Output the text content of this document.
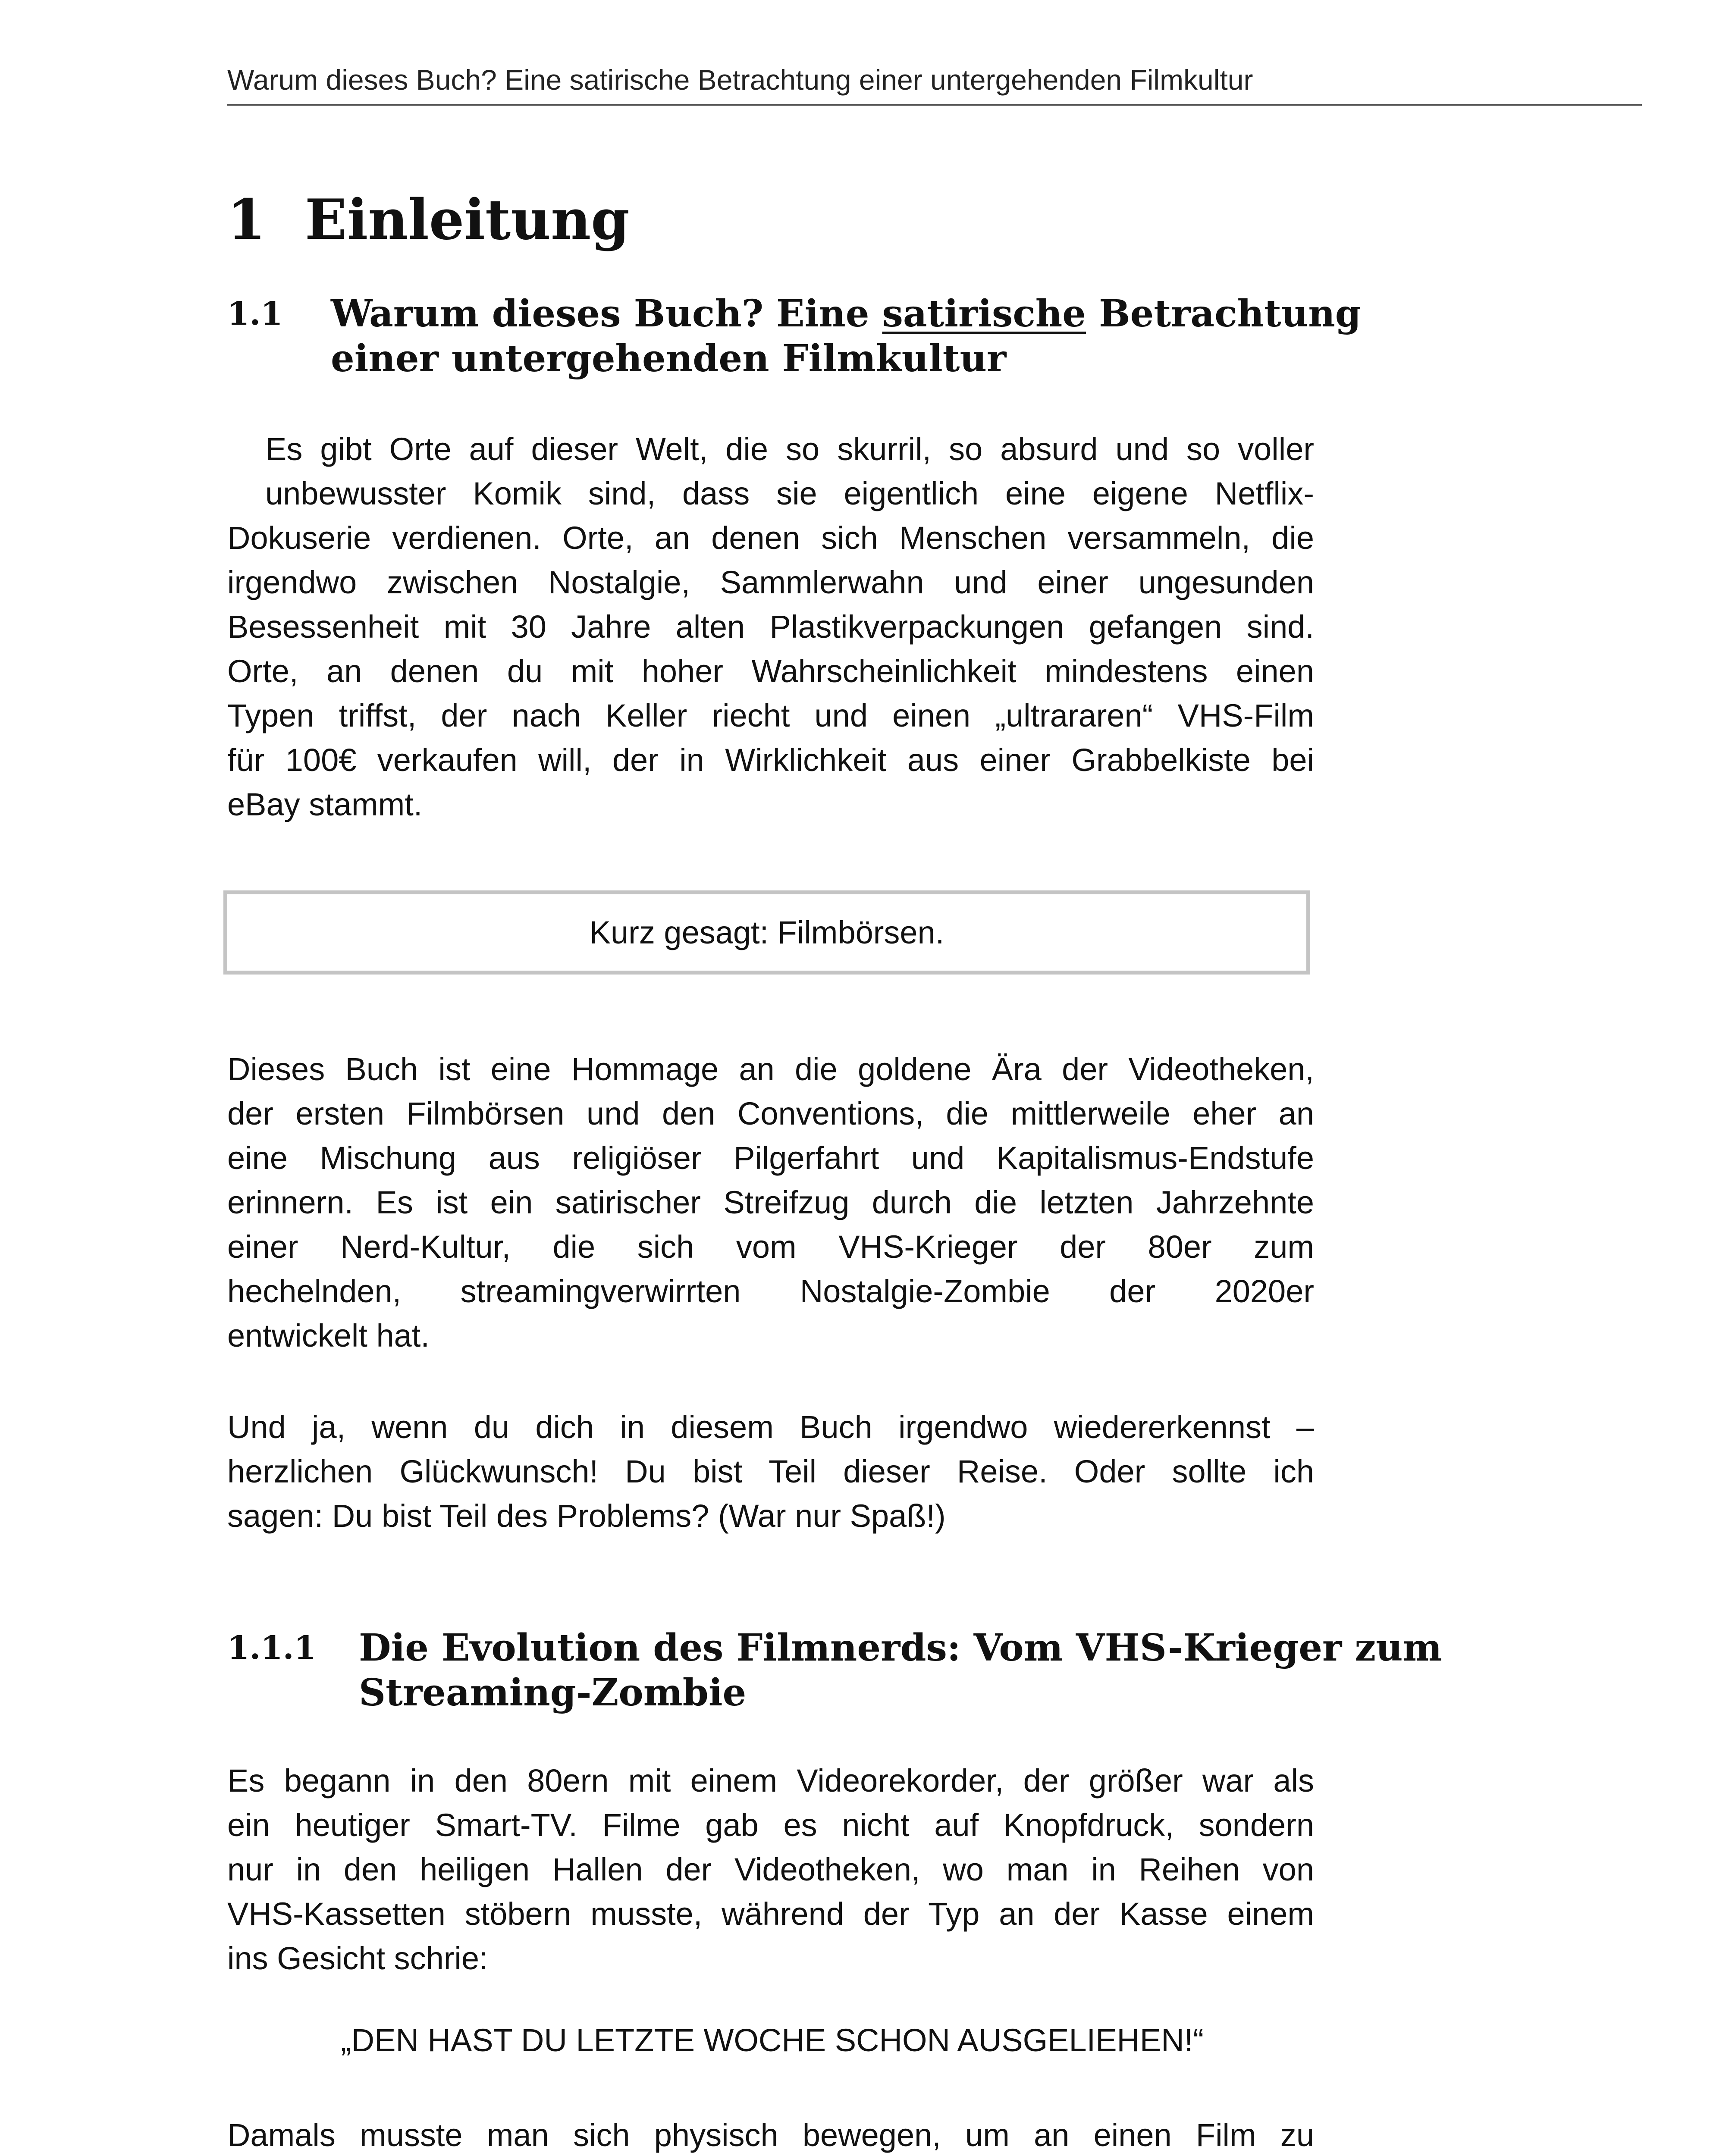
Warum dieses Buch? Eine satirische Betrachtung einer untergehenden Filmkultur
1 Einleitung
1.1 Warum dieses Buch? Eine satirische Betrachtung
einer untergehenden Filmkultur
Es gibt Orte auf dieser Welt, die so skurril, so absurd und so voller
unbewusster Komik sind, dass sie eigentlich eine eigene Netflix-
Dokuserie verdienen. Orte, an denen sich Menschen versammeln, die
irgendwo zwischen Nostalgie, Sammlerwahn und einer ungesunden
Besessenheit mit 30 Jahre alten Plastikverpackungen gefangen sind.
Orte, an denen du mit hoher Wahrscheinlichkeit mindestens einen
Typen triffst, der nach Keller riecht und einen „ultrararen“ VHS-Film
für 100€ verkaufen will, der in Wirklichkeit aus einer Grabbelkiste bei
eBay stammt.
Kurz gesagt: Filmbörsen.
Dieses Buch ist eine Hommage an die goldene Ära der Videotheken,
der ersten Filmbörsen und den Conventions, die mittlerweile eher an
eine Mischung aus religiöser Pilgerfahrt und Kapitalismus-Endstufe
erinnern. Es ist ein satirischer Streifzug durch die letzten Jahrzehnte
einer Nerd-Kultur, die sich vom VHS-Krieger der 80er zum
hechelnden, streamingverwirrten Nostalgie-Zombie der 2020er
entwickelt hat.
Und ja, wenn du dich in diesem Buch irgendwo wiedererkennst –
herzlichen Glückwunsch! Du bist Teil dieser Reise. Oder sollte ich
sagen: Du bist Teil des Problems? (War nur Spaß!)
1.1.1 Die Evolution des Filmnerds: Vom VHS-Krieger zum
Streaming-Zombie
Es begann in den 80ern mit einem Videorekorder, der größer war als
ein heutiger Smart-TV. Filme gab es nicht auf Knopfdruck, sondern
nur in den heiligen Hallen der Videotheken, wo man in Reihen von
VHS-Kassetten stöbern musste, während der Typ an der Kasse einem
ins Gesicht schrie:
„DEN HAST DU LETZTE WOCHE SCHON AUSGELIEHEN!“
Damals musste man sich physisch bewegen, um an einen Film zu
